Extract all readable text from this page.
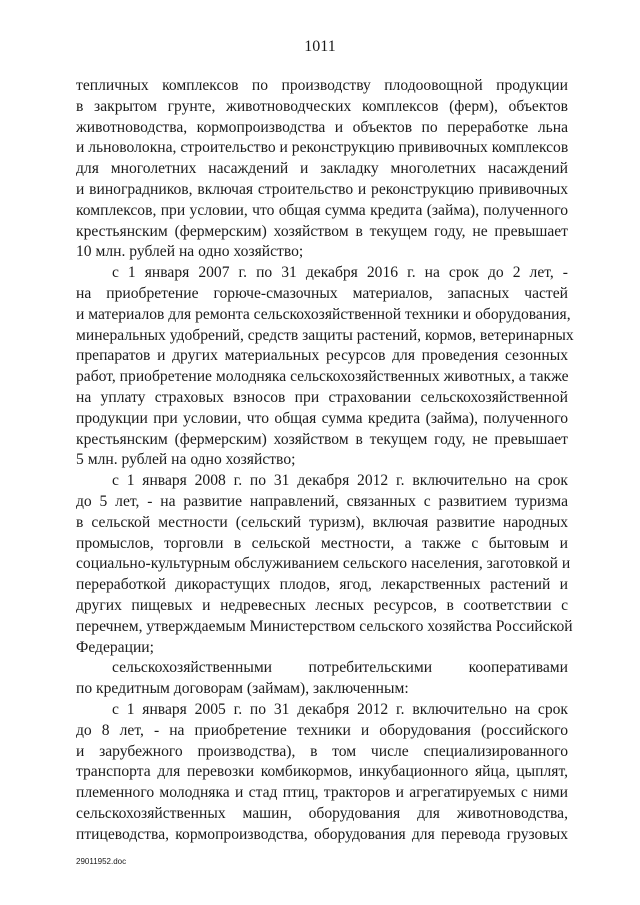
1011
тепличных комплексов по производству плодоовощной продукции
в закрытом грунте, животноводческих комплексов (ферм), объектов
животноводства, кормопроизводства и объектов по переработке льна
и льноволокна, строительство и реконструкцию прививочных комплексов
для многолетних насаждений и закладку многолетних насаждений
и виноградников, включая строительство и реконструкцию прививочных
комплексов, при условии, что общая сумма кредита (займа), полученного
крестьянским (фермерским) хозяйством в текущем году, не превышает
10 млн. рублей на одно хозяйство;
с 1 января 2007 г. по 31 декабря 2016 г. на срок до 2 лет, -
на приобретение горюче-смазочных материалов, запасных частей
и материалов для ремонта сельскохозяйственной техники и оборудования,
минеральных удобрений, средств защиты растений, кормов, ветеринарных
препаратов и других материальных ресурсов для проведения сезонных
работ, приобретение молодняка сельскохозяйственных животных, а также
на уплату страховых взносов при страховании сельскохозяйственной
продукции при условии, что общая сумма кредита (займа), полученного
крестьянским (фермерским) хозяйством в текущем году, не превышает
5 млн. рублей на одно хозяйство;
с 1 января 2008 г. по 31 декабря 2012 г. включительно на срок
до 5 лет, - на развитие направлений, связанных с развитием туризма
в сельской местности (сельский туризм), включая развитие народных
промыслов, торговли в сельской местности, а также с бытовым и
социально-культурным обслуживанием сельского населения, заготовкой и
переработкой дикорастущих плодов, ягод, лекарственных растений и
других пищевых и недревесных лесных ресурсов, в соответствии с
перечнем, утверждаемым Министерством сельского хозяйства Российской
Федерации;
сельскохозяйственными потребительскими кооперативами
по кредитным договорам (займам), заключенным:
с 1 января 2005 г. по 31 декабря 2012 г. включительно на срок
до 8 лет, - на приобретение техники и оборудования (российского
и зарубежного производства), в том числе специализированного
транспорта для перевозки комбикормов, инкубационного яйца, цыплят,
племенного молодняка и стад птиц, тракторов и агрегатируемых с ними
сельскохозяйственных машин, оборудования для животноводства,
птицеводства, кормопроизводства, оборудования для перевода грузовых
29011952.doc
